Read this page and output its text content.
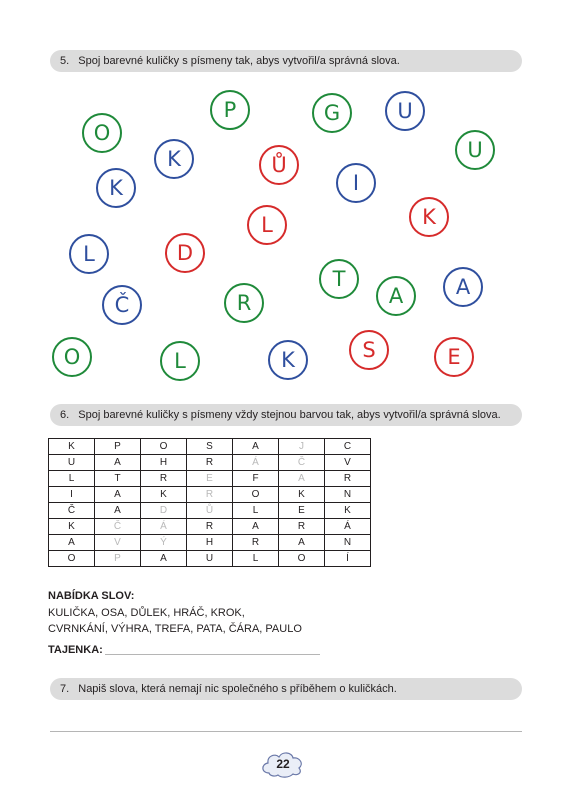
5. Spoj barevné kuličky s písmeny tak, abys vytvořil/a správná slova.
O
P	G	U
K	Ů
U
K	I
K
L
L	D
T	A
A
Č	R
O	L	K	S	E
6. Spoj barevné kuličky s písmeny vždy stejnou barvou tak, abys vytvořil/a správná slova.
K	P	O	S	A	J	C
U	A	H	R	Á	Č	V
L	T	R	E	F	A	R
I	A	K	R	O	K	N
Č	A	D	Ů	L	E	K
K	Č	Á	R	A	R	Á
A	V	Ý	H	R	A	N
O	P	A	U	L	O	Í
NABÍDKA SLOV:
KULIČKA, OSA, DŮLEK, HRÁČ, KROK,
CVRNKÁNÍ, VÝHRA, TREFA, PATA, ČÁRA, PAULO
TAJENKA:
7. Napiš slova, která nemají nic společného s příběhem o kuličkách.
22
